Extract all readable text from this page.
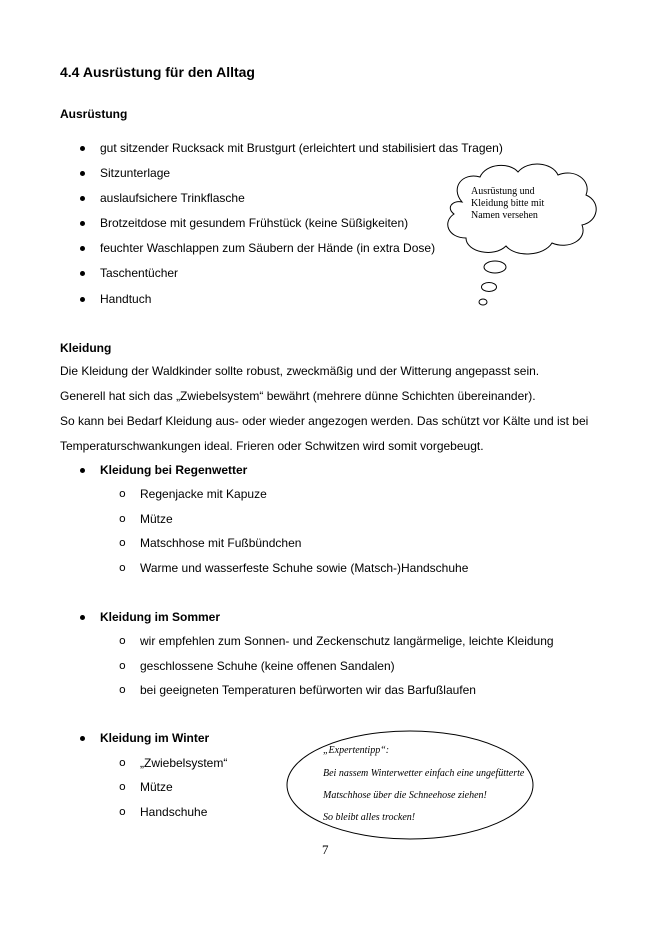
4.4 Ausrüstung für den Alltag
Ausrüstung
gut sitzender Rucksack mit Brustgurt (erleichtert und stabilisiert das Tragen)
Sitzunterlage
auslaufsichere Trinkflasche
Brotzeitdose mit gesundem Frühstück (keine Süßigkeiten)
feuchter Waschlappen zum Säubern der Hände (in extra Dose)
Taschentücher
Handtuch
Ausrüstung und Kleidung bitte mit Namen versehen
Kleidung
Die Kleidung der Waldkinder sollte robust, zweckmäßig und der Witterung angepasst sein.
Generell hat sich das „Zwiebelsystem“ bewährt (mehrere dünne Schichten übereinander).
So kann bei Bedarf Kleidung aus- oder wieder angezogen werden. Das schützt vor Kälte und ist bei
Temperaturschwankungen ideal. Frieren oder Schwitzen wird somit vorgebeugt.
Kleidung bei Regenwetter
o Regenjacke mit Kapuze
o Mütze
o Matschhose mit Fußbündchen
o Warme und wasserfeste Schuhe sowie (Matsch-)Handschuhe
Kleidung im Sommer
o wir empfehlen zum Sonnen- und Zeckenschutz langärmelige, leichte Kleidung
o geschlossene Schuhe (keine offenen Sandalen)
o bei geeigneten Temperaturen befürworten wir das Barfußlaufen
Kleidung im Winter
o „Zwiebelsystem“
o Mütze
o Handschuhe
„Expertentipp“:
Bei nassem Winterwetter einfach eine ungefütterte
Matschhose über die Schneehose ziehen!
So bleibt alles trocken!
7
